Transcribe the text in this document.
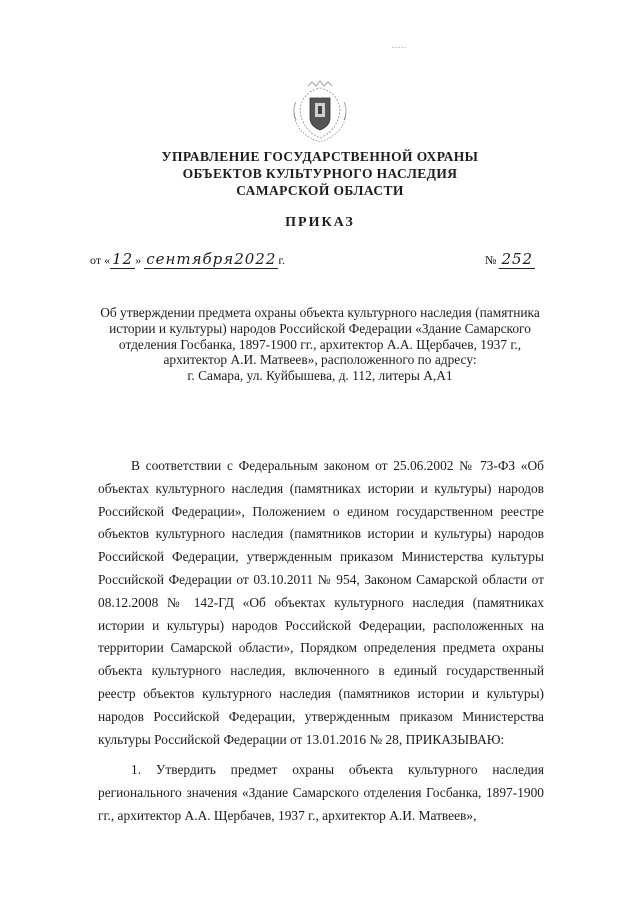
.....
УПРАВЛЕНИЕ ГОСУДАРСТВЕННОЙ ОХРАНЫ
ОБЪЕКТОВ КУЛЬТУРНОГО НАСЛЕДИЯ
САМАРСКОЙ ОБЛАСТИ
ПРИКАЗ
от « 12 » сентября2022 г.	№ 252
Об утверждении предмета охраны объекта культурного наследия (памятника
истории и культуры) народов Российской Федерации «Здание Самарского
отделения Госбанка, 1897-1900 гг., архитектор А.А. Щербачев, 1937 г.,
архитектор А.И. Матвеев», расположенного по адресу:
г. Самара, ул. Куйбышева, д. 112, литеры А,А1

В соответствии с Федеральным законом от 25.06.2002 № 73-ФЗ «Об объектах культурного наследия (памятниках истории и культуры) народов Российской Федерации», Положением о едином государственном реестре объектов культурного наследия (памятников истории и культуры) народов Российской Федерации, утвержденным приказом Министерства культуры Российской Федерации от 03.10.2011 № 954, Законом Самарской области от 08.12.2008 № 142-ГД «Об объектах культурного наследия (памятниках истории и культуры) народов Российской Федерации, расположенных на территории Самарской области», Порядком определения предмета охраны объекта культурного наследия, включенного в единый государственный реестр объектов культурного наследия (памятников истории и культуры) народов Российской Федерации, утвержденным приказом Министерства культуры Российской Федерации от 13.01.2016 № 28, ПРИКАЗЫВАЮ:

1. Утвердить предмет охраны объекта культурного наследия регионального значения «Здание Самарского отделения Госбанка, 1897-1900 гг., архитектор А.А. Щербачев, 1937 г., архитектор А.И. Матвеев»,
